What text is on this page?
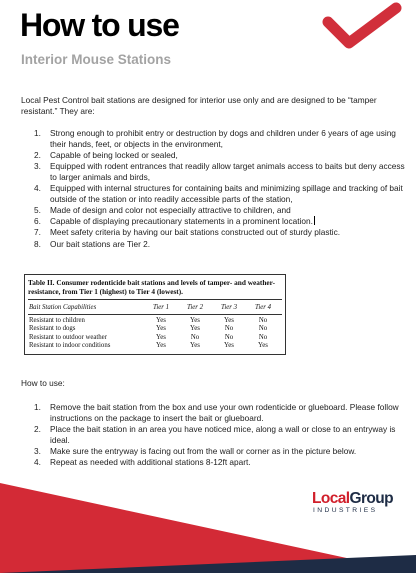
How to use
Interior Mouse Stations

Local Pest Control bait stations are designed for interior use only and are designed to be “tamper resistant.” They are:

1. Strong enough to prohibit entry or destruction by dogs and children under 6 years of age using their hands, feet, or objects in the environment,
2. Capable of being locked or sealed,
3. Equipped with rodent entrances that readily allow target animals access to baits but deny access to larger animals and birds,
4. Equipped with internal structures for containing baits and minimizing spillage and tracking of bait outside of the station or into readily accessible parts of the station,
5. Made of design and color not especially attractive to children, and
6. Capable of displaying precautionary statements in a prominent location.
7. Meet safety criteria by having our bait stations constructed out of sturdy plastic.
8. Our bait stations are Tier 2.
Table II. Consumer rodenticide bait stations and levels of tamper- and weather-resistance, from Tier 1 (highest) to Tier 4 (lowest).
Bait Station Capabilities	Tier 1	Tier 2	Tier 3	Tier 4
Resistant to children	Yes	Yes	Yes	No
Resistant to dogs	Yes	Yes	No	No
Resistant to outdoor weather	Yes	No	No	No
Resistant to indoor conditions	Yes	Yes	Yes	Yes
How to use:
1. Remove the bait station from the box and use your own rodenticide or glueboard. Please follow instructions on the package to insert the bait or glueboard.
2. Place the bait station in an area you have noticed mice, along a wall or close to an entryway is ideal.
3. Make sure the entryway is facing out from the wall or corner as in the picture below.
4. Repeat as needed with additional stations 8-12ft apart.
LocalGroup
INDUSTRIES
